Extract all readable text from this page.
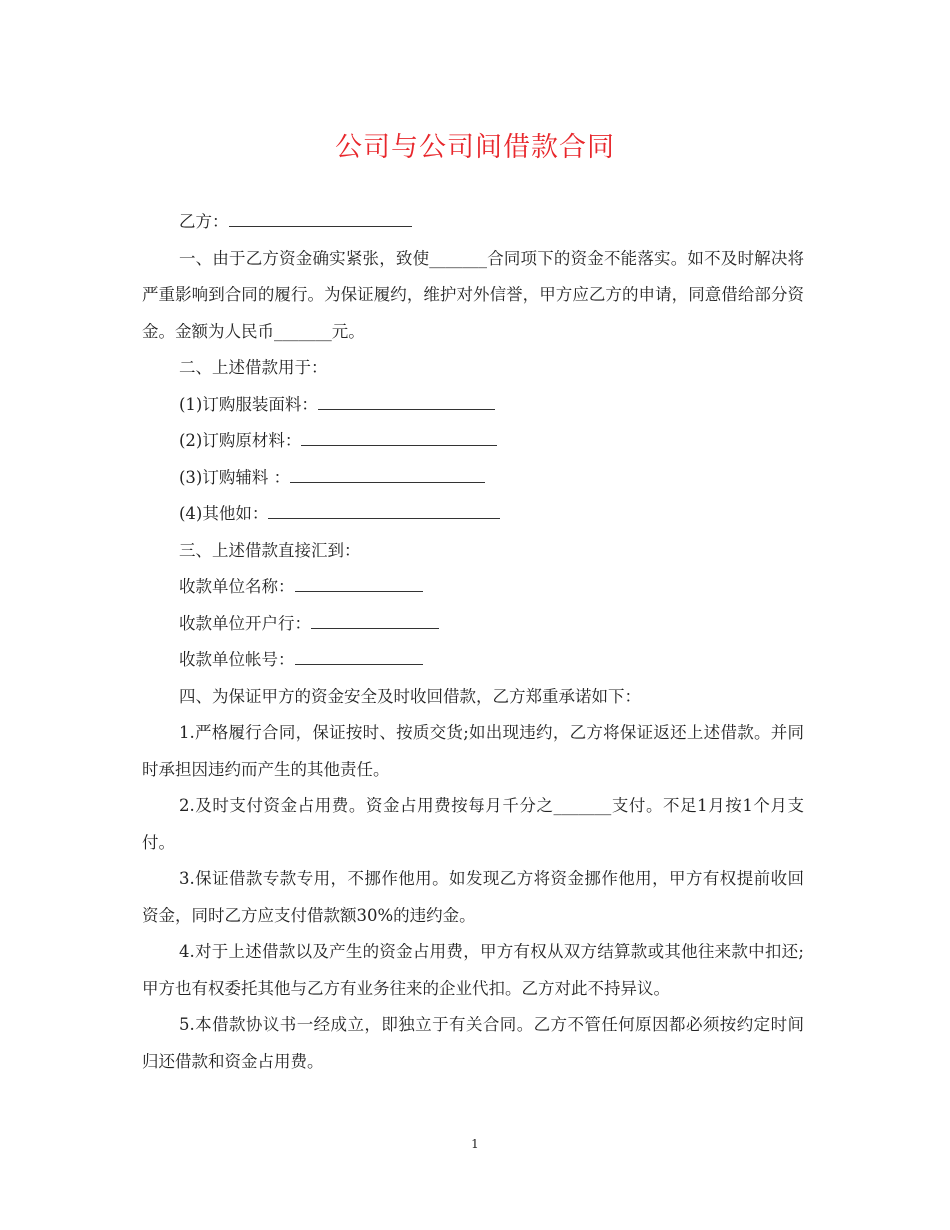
公司与公司间借款合同
乙方：

一、由于乙方资金确实紧张，致使_______合同项下的资金不能落实。如不及时解决将严重影响到合同的履行。为保证履约，维护对外信誉，甲方应乙方的申请，同意借给部分资金。金额为人民币_______元。

二、上述借款用于：

(1)订购服装面料：
(2)订购原材料：
(3)订购辅料 ：
(4)其他如：

三、上述借款直接汇到：

收款单位名称：
收款单位开户行：
收款单位帐号：

四、为保证甲方的资金安全及时收回借款，乙方郑重承诺如下：

1.严格履行合同，保证按时、按质交货;如出现违约，乙方将保证返还上述借款。并同时承担因违约而产生的其他责任。

2.及时支付资金占用费。资金占用费按每月千分之_______支付。不足1月按1个月支付。

3.保证借款专款专用，不挪作他用。如发现乙方将资金挪作他用，甲方有权提前收回资金，同时乙方应支付借款额30%的违约金。

4.对于上述借款以及产生的资金占用费，甲方有权从双方结算款或其他往来款中扣还;甲方也有权委托其他与乙方有业务往来的企业代扣。乙方对此不持异议。

5.本借款协议书一经成立，即独立于有关合同。乙方不管任何原因都必须按约定时间归还借款和资金占用费。

1
